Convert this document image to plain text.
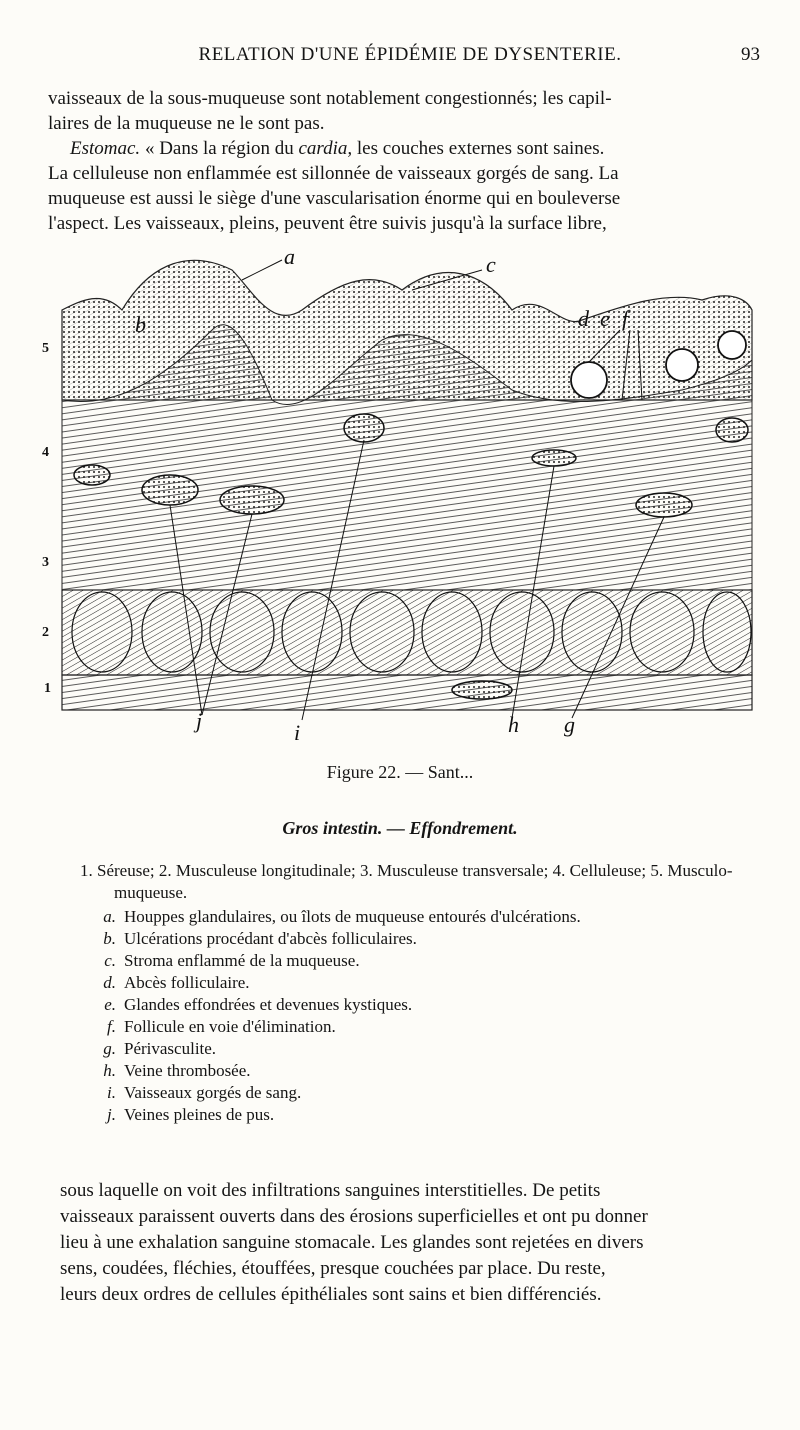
RELATION D'UNE ÉPIDÉMIE DE DYSENTERIE.	93
vaisseaux de la sous-muqueuse sont notablement congestionnés; les capil-
laires de la muqueuse ne le sont pas.
Estomac. « Dans la région du cardia, les couches externes sont saines.
La celluleuse non enflammée est sillonnée de vaisseaux gorgés de sang. La
muqueuse est aussi le siège d'une vascularisation énorme qui en bouleverse
l'aspect. Les vaisseaux, pleins, peuvent être suivis jusqu'à la surface libre,
a
b
c
d e f
j	i	h g
5
4
3
2
1
Figure 22. — Sant...
Gros intestin. — Effondrement.
1. Séreuse; 2. Musculeuse longitudinale; 3. Musculeuse transversale; 4. Celluleuse; 5. Musculo-muqueuse.
a. Houppes glandulaires, ou îlots de muqueuse entourés d'ulcérations.
b. Ulcérations procédant d'abcès folliculaires.
c. Stroma enflammé de la muqueuse.
d. Abcès folliculaire.
e. Glandes effondrées et devenues kystiques.
f. Follicule en voie d'élimination.
g. Périvasculite.
h. Veine thrombosée.
i. Vaisseaux gorgés de sang.
j. Veines pleines de pus.
sous laquelle on voit des infiltrations sanguines interstitielles. De petits
vaisseaux paraissent ouverts dans des érosions superficielles et ont pu donner
lieu à une exhalation sanguine stomacale. Les glandes sont rejetées en divers
sens, coudées, fléchies, étouffées, presque couchées par place. Du reste,
leurs deux ordres de cellules épithéliales sont sains et bien différenciés.
